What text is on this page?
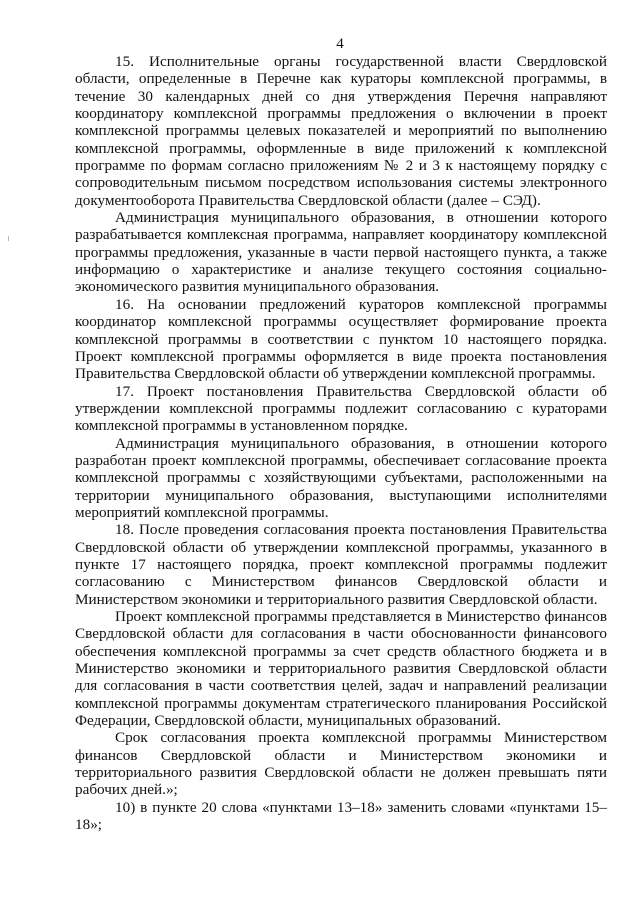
4

15. Исполнительные органы государственной власти Свердловской области, определенные в Перечне как кураторы комплексной программы, в течение 30 календарных дней со дня утверждения Перечня направляют координатору комплексной программы предложения о включении в проект комплексной программы целевых показателей и мероприятий по выполнению комплексной программы, оформленные в виде приложений к комплексной программе по формам согласно приложениям № 2 и 3 к настоящему порядку с сопроводительным письмом посредством использования системы электронного документооборота Правительства Свердловской области (далее – СЭД).

Администрация муниципального образования, в отношении которого разрабатывается комплексная программа, направляет координатору комплексной программы предложения, указанные в части первой настоящего пункта, а также информацию о характеристике и анализе текущего состояния социально-экономического развития муниципального образования.

16. На основании предложений кураторов комплексной программы координатор комплексной программы осуществляет формирование проекта комплексной программы в соответствии с пунктом 10 настоящего порядка. Проект комплексной программы оформляется в виде проекта постановления Правительства Свердловской области об утверждении комплексной программы.

17. Проект постановления Правительства Свердловской области об утверждении комплексной программы подлежит согласованию с кураторами комплексной программы в установленном порядке.

Администрация муниципального образования, в отношении которого разработан проект комплексной программы, обеспечивает согласование проекта комплексной программы с хозяйствующими субъектами, расположенными на территории муниципального образования, выступающими исполнителями мероприятий комплексной программы.

18. После проведения согласования проекта постановления Правительства Свердловской области об утверждении комплексной программы, указанного в пункте 17 настоящего порядка, проект комплексной программы подлежит согласованию с Министерством финансов Свердловской области и Министерством экономики и территориального развития Свердловской области.

Проект комплексной программы представляется в Министерство финансов Свердловской области для согласования в части обоснованности финансового обеспечения комплексной программы за счет средств областного бюджета и в Министерство экономики и территориального развития Свердловской области для согласования в части соответствия целей, задач и направлений реализации комплексной программы документам стратегического планирования Российской Федерации, Свердловской области, муниципальных образований.

Срок согласования проекта комплексной программы Министерством финансов Свердловской области и Министерством экономики и территориального развития Свердловской области не должен превышать пяти рабочих дней.»;

10) в пункте 20 слова «пунктами 13–18» заменить словами «пунктами 15–18»;
